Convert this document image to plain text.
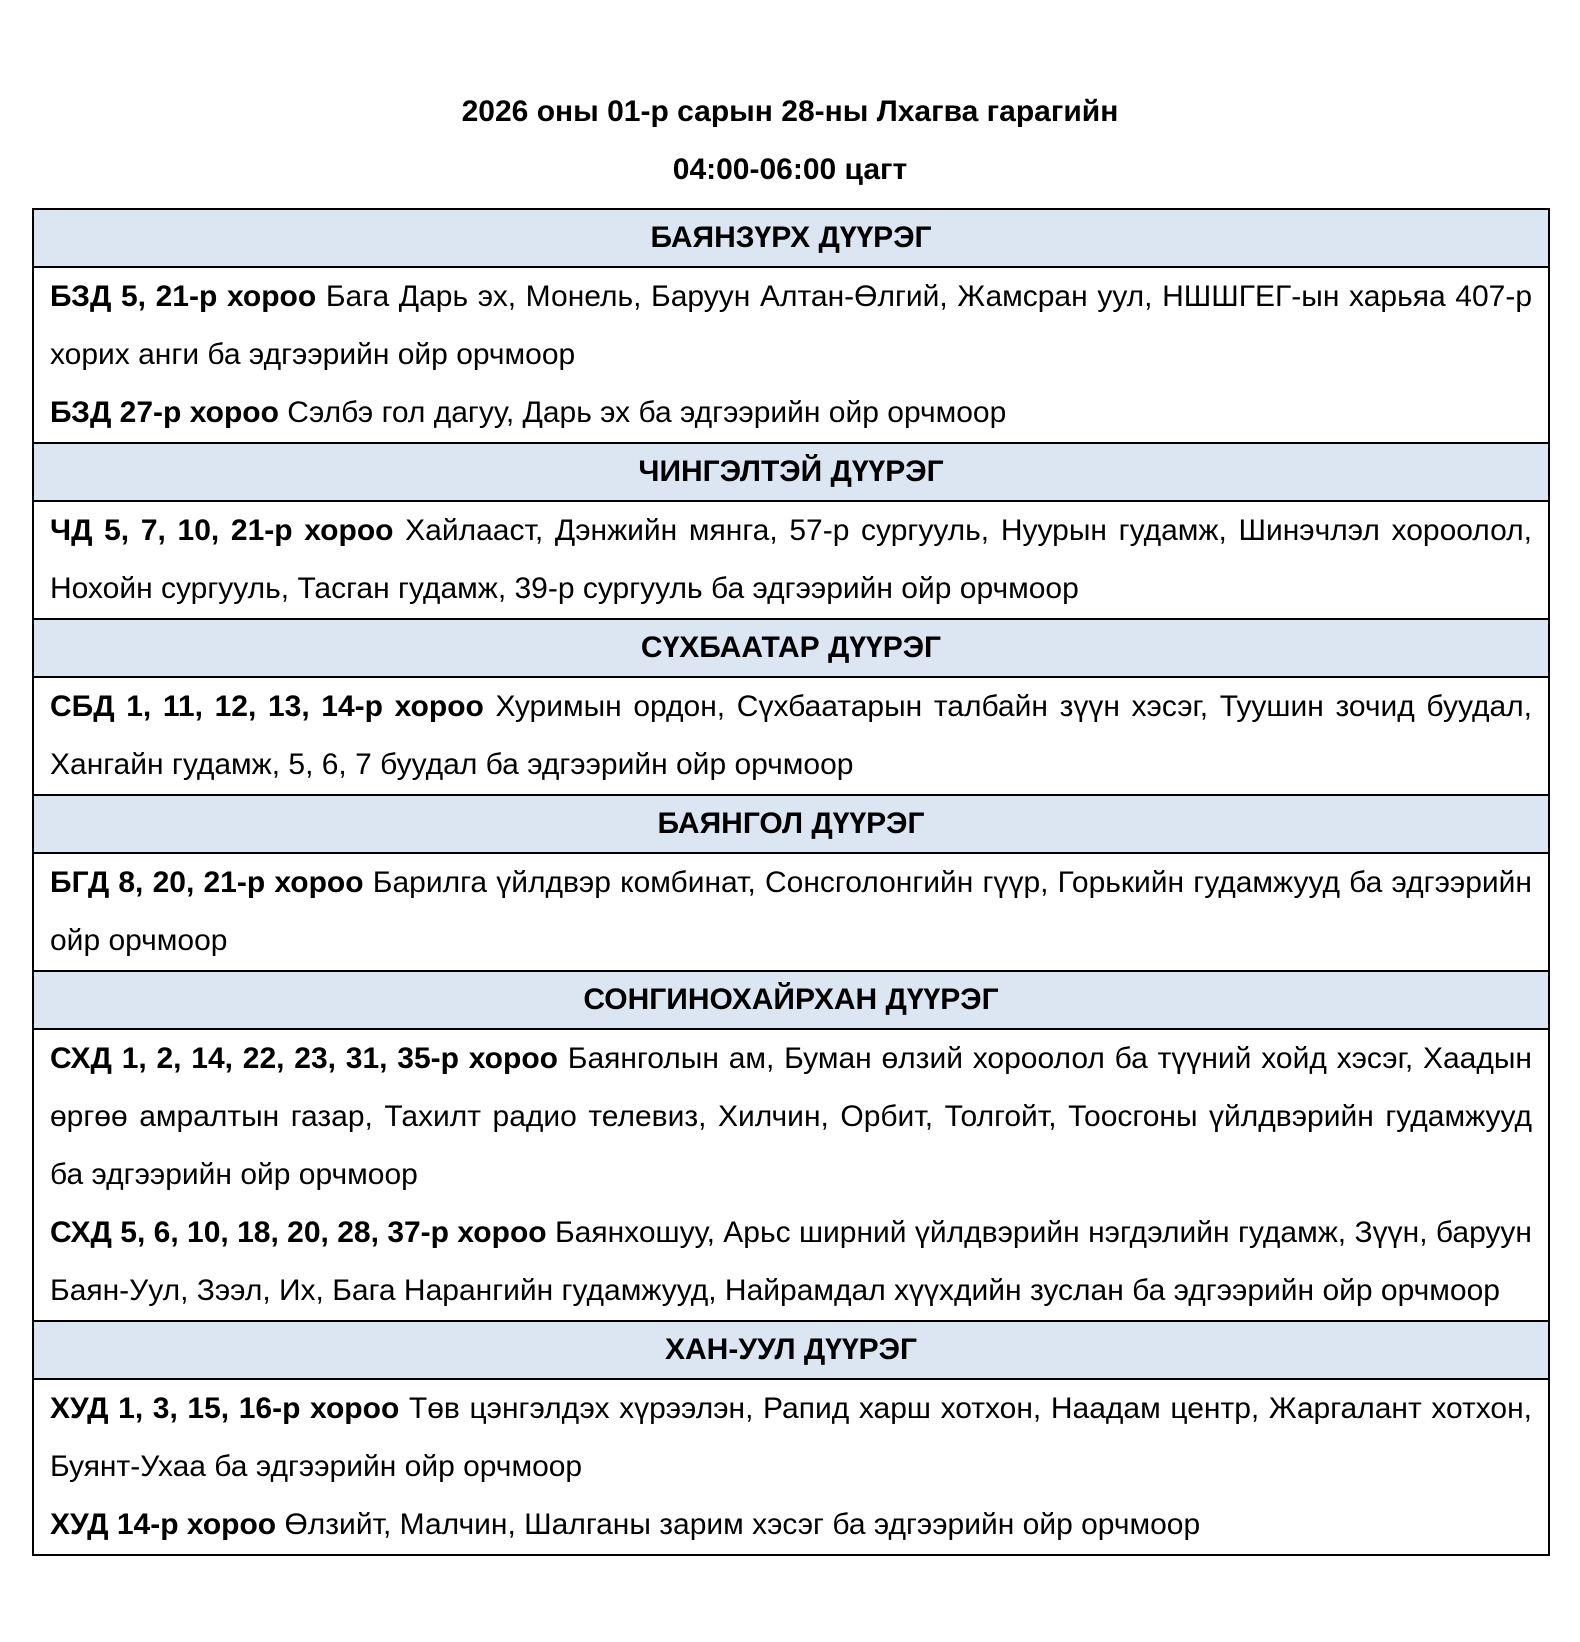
2026 оны 01-р сарын 28-ны Лхагва гарагийн
04:00-06:00 цагт
БАЯНЗҮРХ ДҮҮРЭГ
БЗД 5, 21-р хороо Бага Дарь эх, Монель, Баруун Алтан-Өлгий, Жамсран уул, НШШГЕГ-ын харьяа 407-р хорих анги ба эдгээрийн ойр орчмоор
БЗД 27-р хороо Сэлбэ гол дагуу, Дарь эх ба эдгээрийн ойр орчмоор
ЧИНГЭЛТЭЙ ДҮҮРЭГ
ЧД 5, 7, 10, 21-р хороо Хайлааст, Дэнжийн мянга, 57-р сургууль, Нуурын гудамж, Шинэчлэл хороолол, Нохойн сургууль, Тасган гудамж, 39-р сургууль ба эдгээрийн ойр орчмоор
СҮХБААТАР ДҮҮРЭГ
СБД 1, 11, 12, 13, 14-р хороо Хуримын ордон, Сүхбаатарын талбайн зүүн хэсэг, Туушин зочид буудал, Хангайн гудамж, 5, 6, 7 буудал ба эдгээрийн ойр орчмоор
БАЯНГОЛ ДҮҮРЭГ
БГД 8, 20, 21-р хороо Барилга үйлдвэр комбинат, Сонсголонгийн гүүр, Горькийн гудамжууд ба эдгээрийн ойр орчмоор
СОНГИНОХАЙРХАН ДҮҮРЭГ
СХД 1, 2, 14, 22, 23, 31, 35-р хороо Баянголын ам, Буман өлзий хороолол ба түүний хойд хэсэг, Хаадын өргөө амралтын газар, Тахилт радио телевиз, Хилчин, Орбит, Толгойт, Тоосгоны үйлдвэрийн гудамжууд ба эдгээрийн ойр орчмоор
СХД 5, 6, 10, 18, 20, 28, 37-р хороо Баянхошуу, Арьс ширний үйлдвэрийн нэгдэлийн гудамж, Зүүн, баруун Баян-Уул, Зээл, Их, Бага Нарангийн гудамжууд, Найрамдал хүүхдийн зуслан ба эдгээрийн ойр орчмоор
ХАН-УУЛ ДҮҮРЭГ
ХУД 1, 3, 15, 16-р хороо Төв цэнгэлдэх хүрээлэн, Рапид харш хотхон, Наадам центр, Жаргалант хотхон, Буянт-Ухаа ба эдгээрийн ойр орчмоор
ХУД 14-р хороо Өлзийт, Малчин, Шалганы зарим хэсэг ба эдгээрийн ойр орчмоор
